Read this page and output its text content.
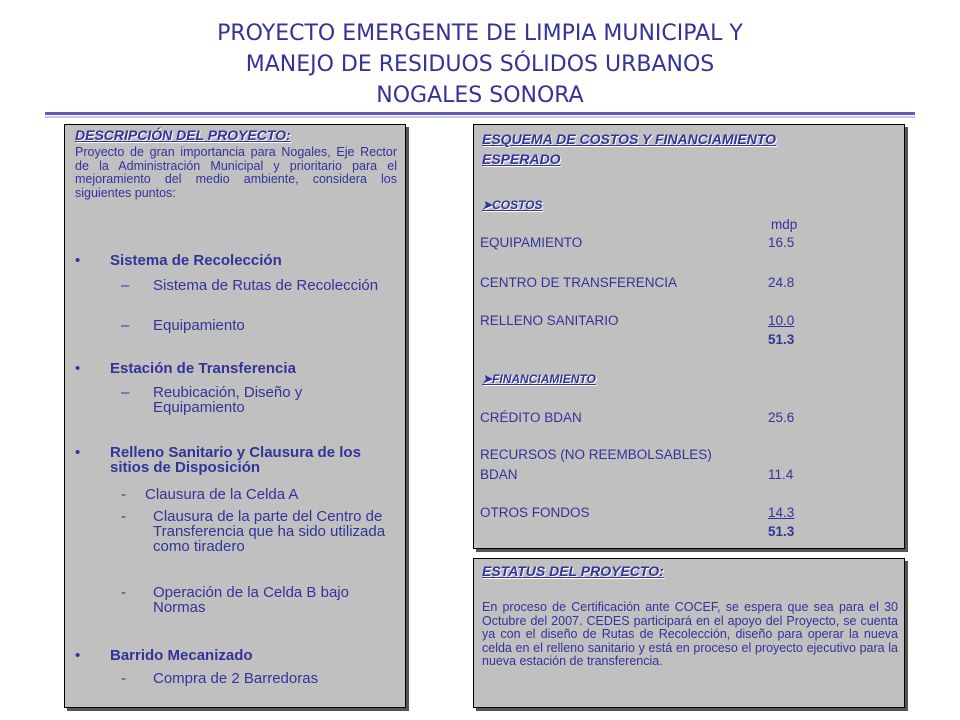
PROYECTO EMERGENTE DE LIMPIA MUNICIPAL Y
MANEJO DE RESIDUOS SÓLIDOS URBANOS
NOGALES SONORA
DESCRIPCIÓN DEL PROYECTO:
Proyecto de gran importancia para Nogales, Eje Rector de la Administración Municipal y prioritario para el mejoramiento del medio ambiente, considera los siguientes puntos:
• Sistema de Recolección
– Sistema de Rutas de Recolección
– Equipamiento
• Estación de Transferencia
– Reubicación, Diseño y Equipamiento
• Relleno Sanitario y Clausura de los sitios de Disposición
- Clausura de la Celda A
- Clausura de la parte del Centro de Transferencia que ha sido utilizada como tiradero
- Operación de la Celda B bajo Normas
• Barrido Mecanizado
- Compra de 2 Barredoras
ESQUEMA DE COSTOS Y FINANCIAMIENTO
ESPERADO
➤COSTOS
mdp
EQUIPAMIENTO	16.5
CENTRO DE TRANSFERENCIA	24.8
RELLENO SANITARIO	10.0
51.3
➤FINANCIAMIENTO
CRÉDITO BDAN	25.6
RECURSOS (NO REEMBOLSABLES)
BDAN	11.4
OTROS FONDOS	14.3
51.3
ESTATUS DEL PROYECTO:
En proceso de Certificación ante COCEF, se espera que sea para el 30 Octubre del 2007. CEDES participará en el apoyo del Proyecto, se cuenta ya con el diseño de Rutas de Recolección, diseño para operar la nueva celda en el relleno sanitario y está en proceso el proyecto ejecutivo para la nueva estación de transferencia.
